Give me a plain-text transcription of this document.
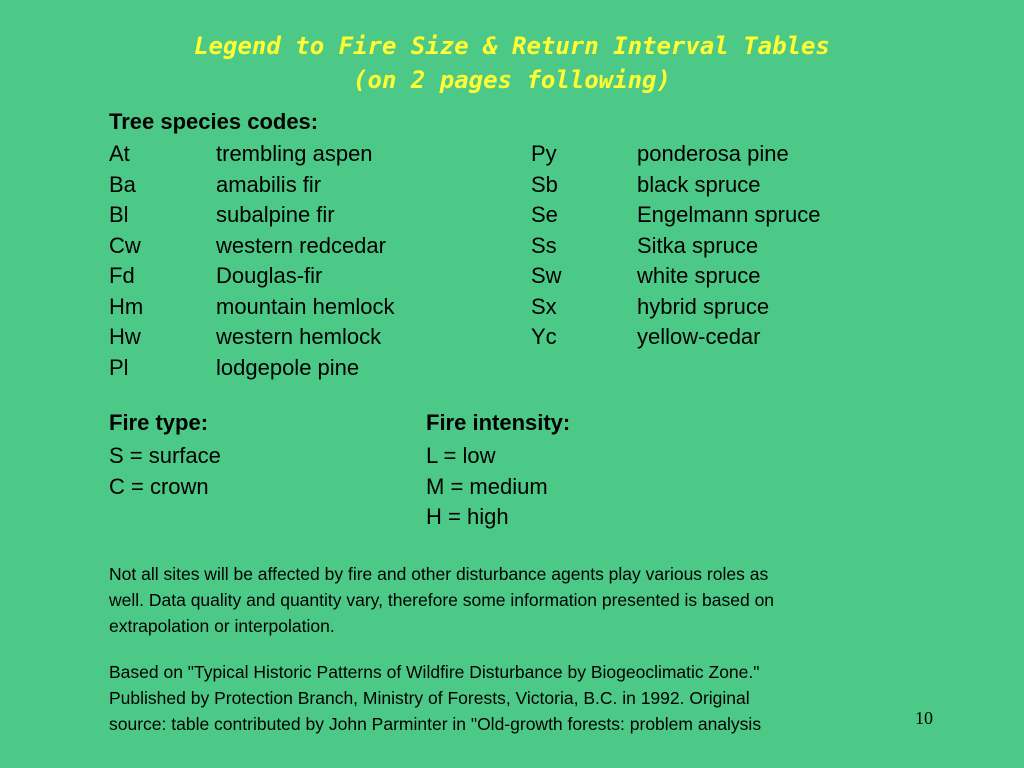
Legend to Fire Size & Return Interval Tables
(on 2 pages following)
Tree species codes:
At	trembling aspen
Ba	amabilis fir
Bl	subalpine fir
Cw	western redcedar
Fd	Douglas-fir
Hm	mountain hemlock
Hw	western hemlock
Pl	lodgepole pine
Py	ponderosa pine
Sb	black spruce
Se	Engelmann spruce
Ss	Sitka spruce
Sw	white spruce
Sx	hybrid spruce
Yc	yellow-cedar
Fire type:
S = surface
C = crown
Fire intensity:
L = low
M = medium
H = high
Not all sites will be affected by fire and other disturbance agents play various roles as
well. Data quality and quantity vary, therefore some information presented is based on
extrapolation or interpolation.
Based on "Typical Historic Patterns of Wildfire Disturbance by Biogeoclimatic Zone."
Published by Protection Branch, Ministry of Forests, Victoria, B.C. in 1992. Original
source: table contributed by John Parminter in "Old-growth forests: problem analysis	10
